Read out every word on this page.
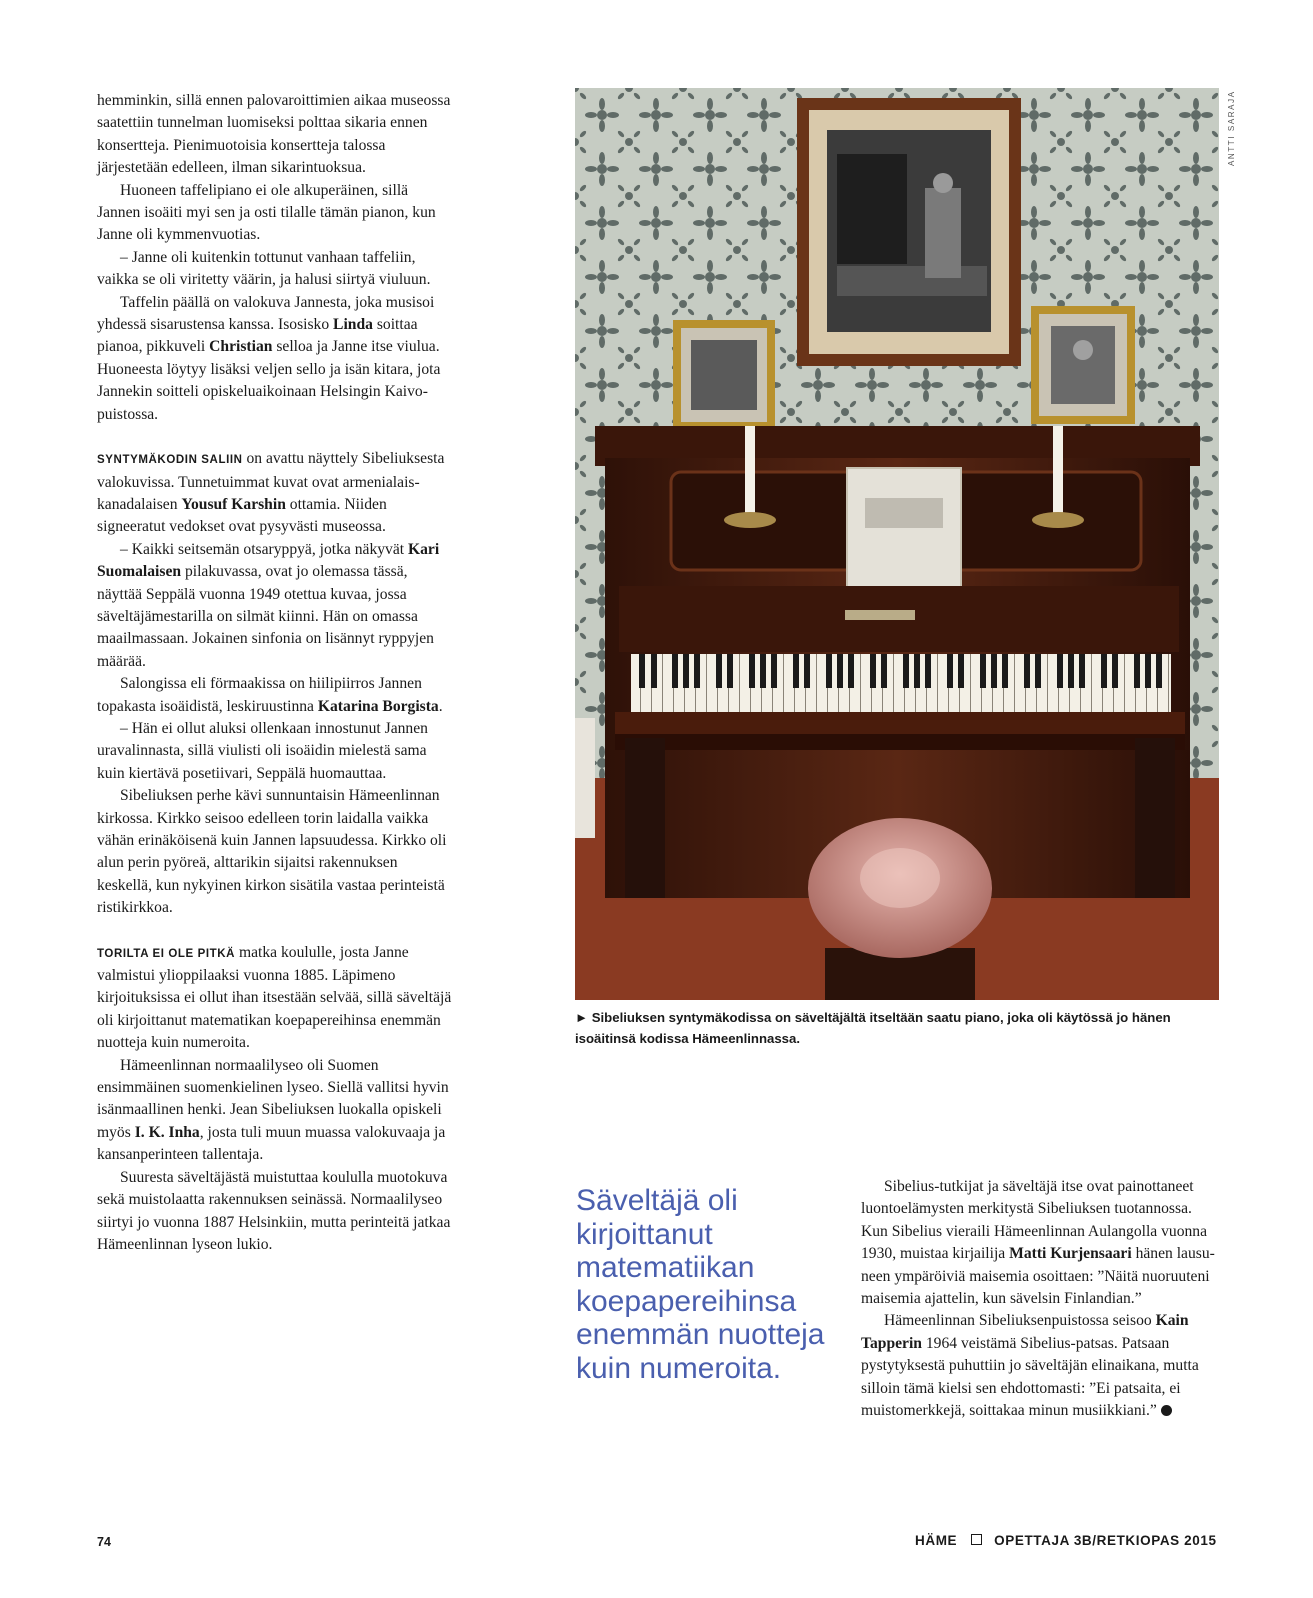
hemminkin, sillä ennen palovaroittimien aikaa museossa saatettiin tunnelman luomiseksi polttaa sikaria ennen konsertteja. Pienimuotoisia konsertteja talossa järjestetään edelleen, ilman sikarintuoksua.

Huoneen taffelipiano ei ole alkuperäinen, sillä Jannen isoäiti myi sen ja osti tilalle tämän pianon, kun Janne oli kymmenvuotias.

– Janne oli kuitenkin tottunut vanhaan taffeliin, vaikka se oli viritetty väärin, ja halusi siirtyä viuluun.

Taffelin päällä on valokuva Jannesta, joka musisoi yhdessä sisarustensa kanssa. Isosisko Linda soittaa pianoa, pikkuveli Christian selloa ja Janne itse viulua. Huoneesta löytyy lisäksi veljen sello ja isän kitara, jota Jannekin soitteli opiskeluaikoinaan Helsingin Kaivopuistossa.

SYNTYMÄKODIN SALIIN on avattu näyttely Sibeliuksesta valokuvissa. Tunnetuimmat kuvat ovat armenialais-kanadalaisen Yousuf Karshin ottamia. Niiden signeeratut vedokset ovat pysyvästi museossa.

– Kaikki seitsemän otsaryppyä, jotka näkyvät Kari Suomalaisen pilakuvassa, ovat jo olemassa tässä, näyttää Seppälä vuonna 1949 otettua kuvaa, jossa säveltäjämestarilla on silmät kiinni. Hän on omassa maailmassaan. Jokainen sinfonia on lisännyt ryppyjen määrää.

Salongissa eli förmaakissa on hiilipiirros Jannen topakasta isoäidistä, leskiruustinna Katarina Borgista.

– Hän ei ollut aluksi ollenkaan innostunut Jannen uravalinnasta, sillä viulisti oli isoäidin mielestä sama kuin kiertävä posetiivari, Seppälä huomauttaa.

Sibeliuksen perhe kävi sunnuntaisin Hämeenlinnan kirkossa. Kirkko seisoo edelleen torin laidalla vaikka vähän erinäköisenä kuin Jannen lapsuudessa. Kirkko oli alun perin pyöreä, alttarikin sijaitsi rakennuksen keskellä, kun nykyinen kirkon sisätila vastaa perinteistä ristikirkkoa.

TORILTA EI OLE PITKÄ matka koululle, josta Janne valmistui ylioppilaaksi vuonna 1885. Läpimeno kirjoituksissa ei ollut ihan itsestään selvää, sillä säveltäjä oli kirjoittanut matematikan koepapereihinsa enemmän nuotteja kuin numeroita.

Hämeenlinnan normaalilyseo oli Suomen ensimmäinen suomenkielinen lyseo. Siellä vallitsi hyvin isänmaallinen henki. Jean Sibeliuksen luokalla opiskeli myös I. K. Inha, josta tuli muun muassa valokuvaaja ja kansanperinteen tallentaja.

Suuresta säveltäjästä muistuttaa koululla muotokuva sekä muistolaatta rakennuksen seinässä. Normaalilyseo siirtyi jo vuonna 1887 Helsinkiin, mutta perinteitä jatkaa Hämeenlinnan lyseon lukio.

ANTTI SARAJA
► Sibeliuksen syntymäkodissa on säveltäjältä itseltään saatu piano, joka oli käytössä jo hänen isoäitinsä kodissa Hämeenlinnassa.
Säveltäjä oli kirjoittanut matematiikan koepapereihinsa enemmän nuotteja kuin numeroita.

Sibelius-tutkijat ja säveltäjä itse ovat painottaneet luontoelämysten merkitystä Sibeliuksen tuotannossa. Kun Sibelius vieraili Hämeenlinnan Aulangolla vuonna 1930, muistaa kirjailija Matti Kurjensaari hänen lausuneen ympäröiviä maisemia osoittaen: ”Näitä nuoruuteni maisemia ajattelin, kun sävelsin Finlandian.”

Hämeenlinnan Sibeliuksenpuistossa seisoo Kain Tapperin 1964 veistämä Sibelius-patsas. Patsaan pystytyksestä puhuttiin jo säveltäjän elinaikana, mutta silloin tämä kielsi sen ehdottomasti: ”Ei patsaita, ei muistomerkkejä, soittakaa minun musiikkiani.”

74	HÄME	OPETTAJA 3B/RETKIOPAS 2015
